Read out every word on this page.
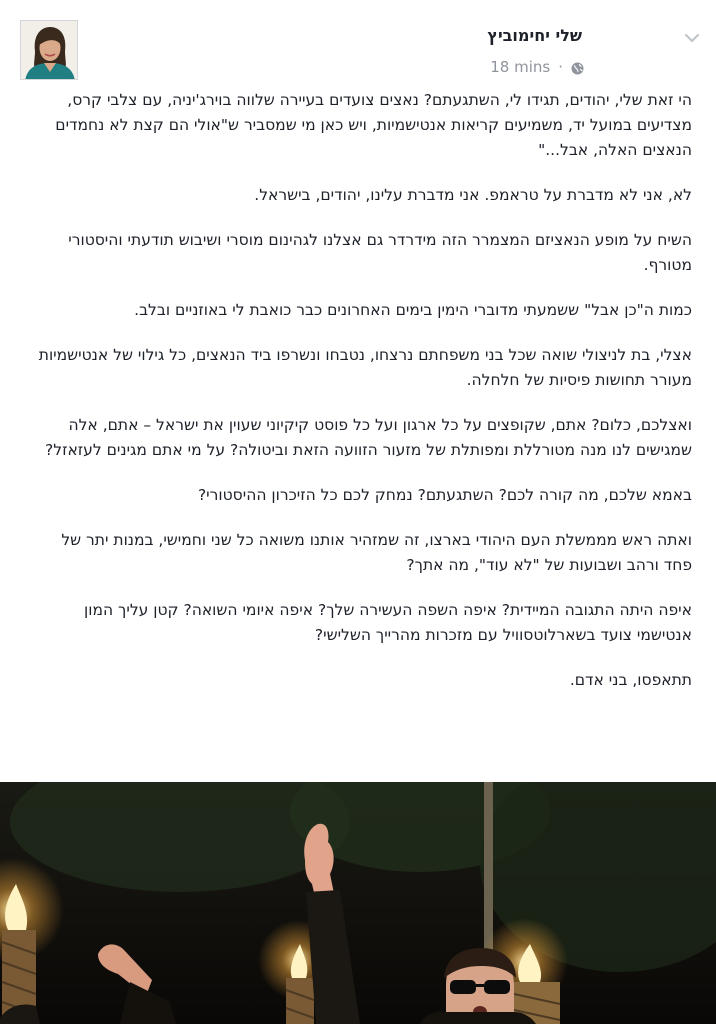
שלי יחימוביץ
18 mins ·

הי זאת שלי, יהודים, תגידו לי, השתגעתם? נאצים צועדים בעיירה שלווה בוירג'יניה, עם צלבי קרס, מצדיעים במועל יד, משמיעים קריאות אנטישמיות, ויש כאן מי שמסביר ש"אולי הם קצת לא נחמדים הנאצים האלה, אבל..."

לא, אני לא מדברת על טראמפ. אני מדברת עלינו, יהודים, בישראל.

השיח על מופע הנאציזם המצמרר הזה מידרדר גם אצלנו לגהינום מוסרי ושיבוש תודעתי והיסטורי מטורף.

כמות ה"כן אבל" ששמעתי מדוברי הימין בימים האחרונים כבר כואבת לי באוזניים ובלב.

אצלי, בת לניצולי שואה שכל בני משפחתם נרצחו, נטבחו ונשרפו ביד הנאצים, כל גילוי של אנטישמיות מעורר תחושות פיסיות של חלחלה.

ואצלכם, כלום? אתם, שקופצים על כל ארגון ועל כל פוסט קיקיוני שעוין את ישראל – אתם, אלה שמגישים לנו מנה מטורללת ומפותלת של מזעור הזוועה הזאת וביטולה? על מי אתם מגינים לעזאזל?

באמא שלכם, מה קורה לכם? השתגעתם? נמחק לכם כל הזיכרון ההיסטורי?

ואתה ראש מממשלת העם היהודי בארצו, זה שמזהיר אותנו משואה כל שני וחמישי, במנות יתר של פחד ורהב ושבועות של "לא עוד", מה אתך?

איפה היתה התגובה המיידית? איפה השפה העשירה שלך? איפה איומי השואה? קטן עליך המון אנטישמי צועד בשארלוטסוויל עם מזכרות מהרייך השלישי?

תתאפסו, בני אדם.
